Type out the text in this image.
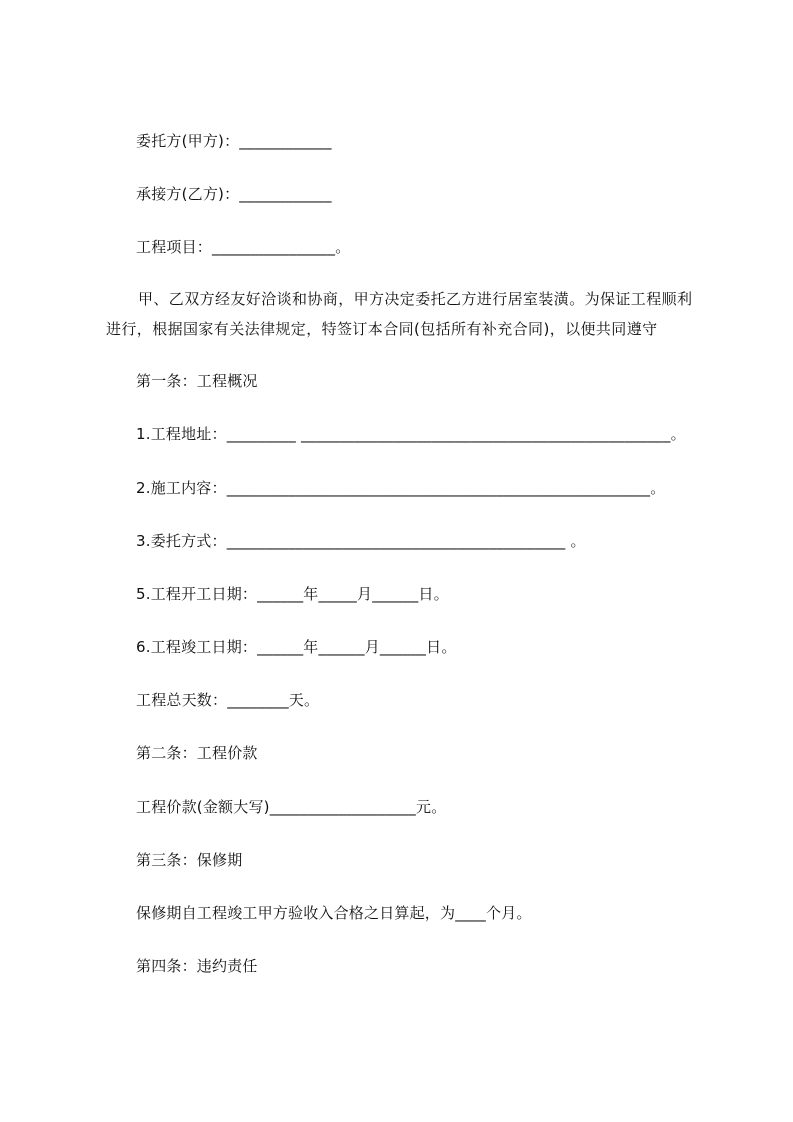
委托方(甲方)：____________
承接方(乙方)：____________
工程项目：________________。
甲、乙双方经友好洽谈和协商，甲方决定委托乙方进行居室装潢。为保证工程顺利进行，根据国家有关法律规定，特签订本合同(包括所有补充合同)，以便共同遵守
第一条：工程概况
1.工程地址：_________ ________________________________________________。
2.施工内容：_______________________________________________________。
3.委托方式：____________________________________________ 。
5.工程开工日期：______年_____月______日。
6.工程竣工日期：______年______月______日。
工程总天数：________天。
第二条：工程价款
工程价款(金额大写)___________________元。
第三条：保修期
保修期自工程竣工甲方验收入合格之日算起，为____个月。
第四条：违约责任
